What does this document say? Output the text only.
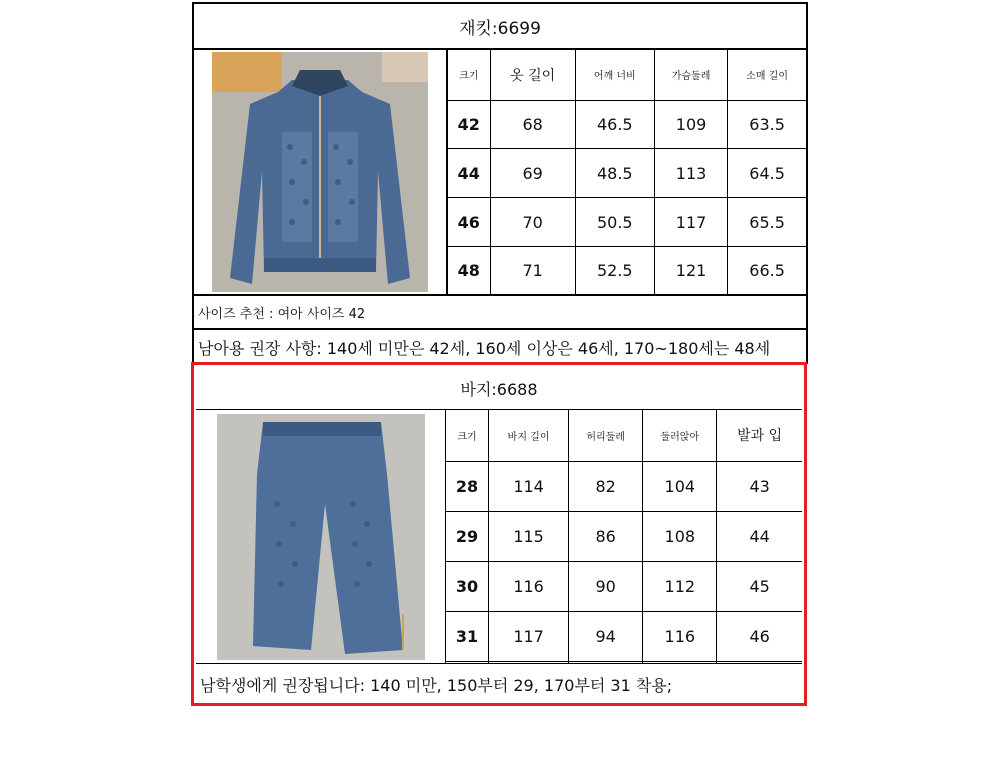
재킷:6699
크기	옷 길이	어깨 너비	가슴둘레	소매 길이
42	68	46.5	109	63.5
44	69	48.5	113	64.5
46	70	50.5	117	65.5
48	71	52.5	121	66.5
사이즈 추천 : 여아 사이즈 42
남아용 권장 사항: 140세 미만은 42세, 160세 이상은 46세, 170~180세는 48세
바지:6688
크기	바지 길이	허리둘레	둘러앉아	발과 입
28	114	82	104	43
29	115	86	108	44
30	116	90	112	45
31	117	94	116	46

남학생에게 권장됩니다: 140 미만, 150부터 29, 170부터 31 착용;
